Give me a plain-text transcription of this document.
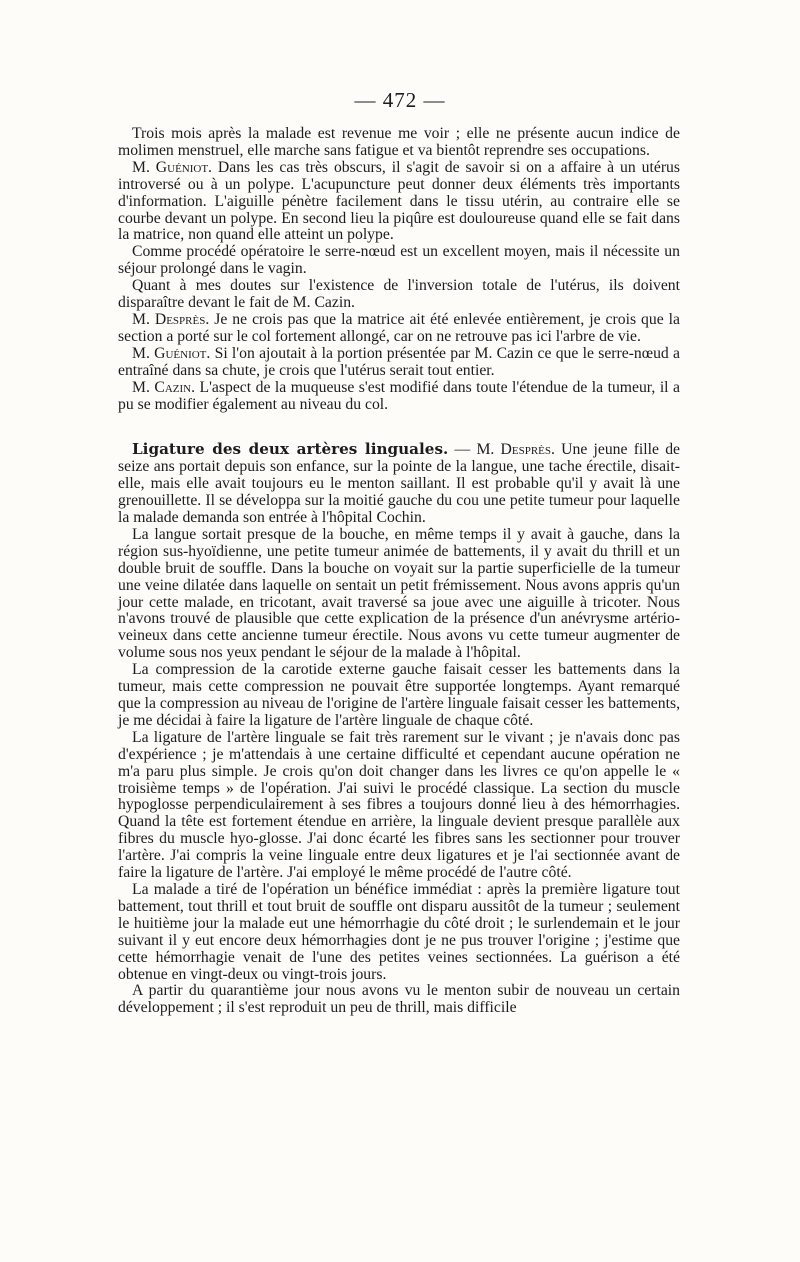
— 472 —

Trois mois après la malade est revenue me voir ; elle ne présente aucun indice de molimen menstruel, elle marche sans fatigue et va bientôt reprendre ses occupations.

M. Guéniot. Dans les cas très obscurs, il s'agit de savoir si on a affaire à un utérus introversé ou à un polype. L'acupuncture peut donner deux éléments très importants d'information. L'aiguille pénètre facilement dans le tissu utérin, au contraire elle se courbe devant un polype. En second lieu la piqûre est douloureuse quand elle se fait dans la matrice, non quand elle atteint un polype.

Comme procédé opératoire le serre-nœud est un excellent moyen, mais il nécessite un séjour prolongé dans le vagin.

Quant à mes doutes sur l'existence de l'inversion totale de l'utérus, ils doivent disparaître devant le fait de M. Cazin.

M. Desprès. Je ne crois pas que la matrice ait été enlevée entièrement, je crois que la section a porté sur le col fortement allongé, car on ne retrouve pas ici l'arbre de vie.

M. Guéniot. Si l'on ajoutait à la portion présentée par M. Cazin ce que le serre-nœud a entraîné dans sa chute, je crois que l'utérus serait tout entier.

M. Cazin. L'aspect de la muqueuse s'est modifié dans toute l'étendue de la tumeur, il a pu se modifier également au niveau du col.

Ligature des deux artères linguales. — M. Desprès. Une jeune fille de seize ans portait depuis son enfance, sur la pointe de la langue, une tache érectile, disait-elle, mais elle avait toujours eu le menton saillant. Il est probable qu'il y avait là une grenouillette. Il se développa sur la moitié gauche du cou une petite tumeur pour laquelle la malade demanda son entrée à l'hôpital Cochin.

La langue sortait presque de la bouche, en même temps il y avait à gauche, dans la région sus-hyoïdienne, une petite tumeur animée de battements, il y avait du thrill et un double bruit de souffle. Dans la bouche on voyait sur la partie superficielle de la tumeur une veine dilatée dans laquelle on sentait un petit frémissement. Nous avons appris qu'un jour cette malade, en tricotant, avait traversé sa joue avec une aiguille à tricoter. Nous n'avons trouvé de plausible que cette explication de la présence d'un anévrysme artério-veineux dans cette ancienne tumeur érectile. Nous avons vu cette tumeur augmenter de volume sous nos yeux pendant le séjour de la malade à l'hôpital.

La compression de la carotide externe gauche faisait cesser les battements dans la tumeur, mais cette compression ne pouvait être supportée longtemps. Ayant remarqué que la compression au niveau de l'origine de l'artère linguale faisait cesser les battements, je me décidai à faire la ligature de l'artère linguale de chaque côté.

La ligature de l'artère linguale se fait très rarement sur le vivant ; je n'avais donc pas d'expérience ; je m'attendais à une certaine difficulté et cependant aucune opération ne m'a paru plus simple. Je crois qu'on doit changer dans les livres ce qu'on appelle le « troisième temps » de l'opération. J'ai suivi le procédé classique. La section du muscle hypoglosse perpendiculairement à ses fibres a toujours donné lieu à des hémorrhagies. Quand la tête est fortement étendue en arrière, la linguale devient presque parallèle aux fibres du muscle hyo-glosse. J'ai donc écarté les fibres sans les sectionner pour trouver l'artère. J'ai compris la veine linguale entre deux ligatures et je l'ai sectionnée avant de faire la ligature de l'artère. J'ai employé le même procédé de l'autre côté.

La malade a tiré de l'opération un bénéfice immédiat : après la première ligature tout battement, tout thrill et tout bruit de souffle ont disparu aussitôt de la tumeur ; seulement le huitième jour la malade eut une hémorrhagie du côté droit ; le surlendemain et le jour suivant il y eut encore deux hémorrhagies dont je ne pus trouver l'origine ; j'estime que cette hémorrhagie venait de l'une des petites veines sectionnées. La guérison a été obtenue en vingt-deux ou vingt-trois jours.

A partir du quarantième jour nous avons vu le menton subir de nouveau un certain développement ; il s'est reproduit un peu de thrill, mais difficile
